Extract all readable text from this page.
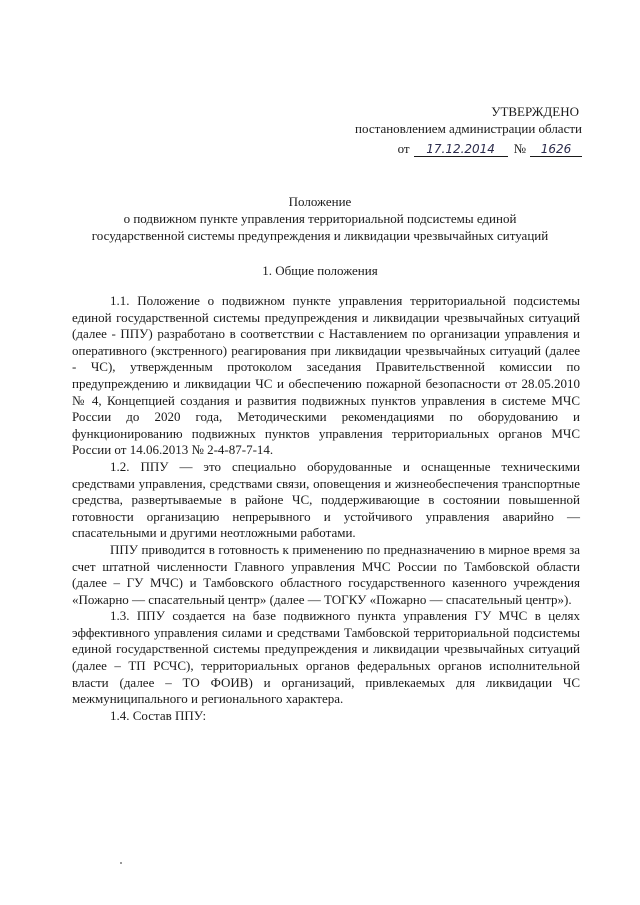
УТВЕРЖДЕНО
постановлением администрации области
от	17.12.2014	№	1626
Положение
о подвижном пункте управления территориальной подсистемы единой
государственной системы предупреждения и ликвидации чрезвычайных ситуаций
1. Общие положения

1.1. Положение о подвижном пункте управления территориальной подсистемы единой государственной системы предупреждения и ликвидации чрезвычайных ситуаций (далее - ППУ) разработано в соответствии с Наставлением по организации управления и оперативного (экстренного) реагирования при ликвидации чрезвычайных ситуаций (далее - ЧС), утвержденным протоколом заседания Правительственной комиссии по предупреждению и ликвидации ЧС и обеспечению пожарной безопасности от 28.05.2010 № 4, Концепцией создания и развития подвижных пунктов управления в системе МЧС России до 2020 года, Методическими рекомендациями по оборудованию и функционированию подвижных пунктов управления территориальных органов МЧС России от 14.06.2013 № 2-4-87-7-14.

1.2. ППУ — это специально оборудованные и оснащенные техническими средствами управления, средствами связи, оповещения и жизнеобеспечения транспортные средства, развертываемые в районе ЧС, поддерживающие в состоянии повышенной готовности организацию непрерывного и устойчивого управления аварийно — спасательными и другими неотложными работами.

ППУ приводится в готовность к применению по предназначению в мирное время за счет штатной численности Главного управления МЧС России по Тамбовской области (далее – ГУ МЧС) и Тамбовского областного государственного казенного учреждения «Пожарно — спасательный центр» (далее — ТОГКУ «Пожарно — спасательный центр»).

1.3. ППУ создается на базе подвижного пункта управления ГУ МЧС в целях эффективного управления силами и средствами Тамбовской территориальной подсистемы единой государственной системы предупреждения и ликвидации чрезвычайных ситуаций (далее – ТП РСЧС), территориальных органов федеральных органов исполнительной власти (далее – ТО ФОИВ) и организаций, привлекаемых для ликвидации ЧС межмуниципального и регионального характера.

1.4. Состав ППУ:
